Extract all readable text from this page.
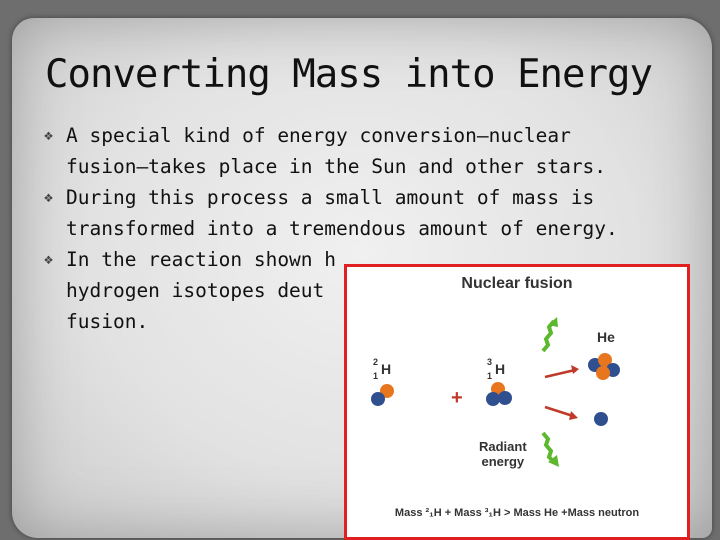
Converting Mass into Energy
❖ A special kind of energy conversion—nuclear
fusion—takes place in the Sun and other stars.
❖ During this process a small amount of mass is
transformed into a tremendous amount of energy.
❖ In the reaction shown h
hydrogen isotopes deut
fusion.
Nuclear fusion
2
1 H	3
1 H
+
He
Radiant
energy
Mass ²₁H + Mass ³₁H > Mass He +Mass neutron
